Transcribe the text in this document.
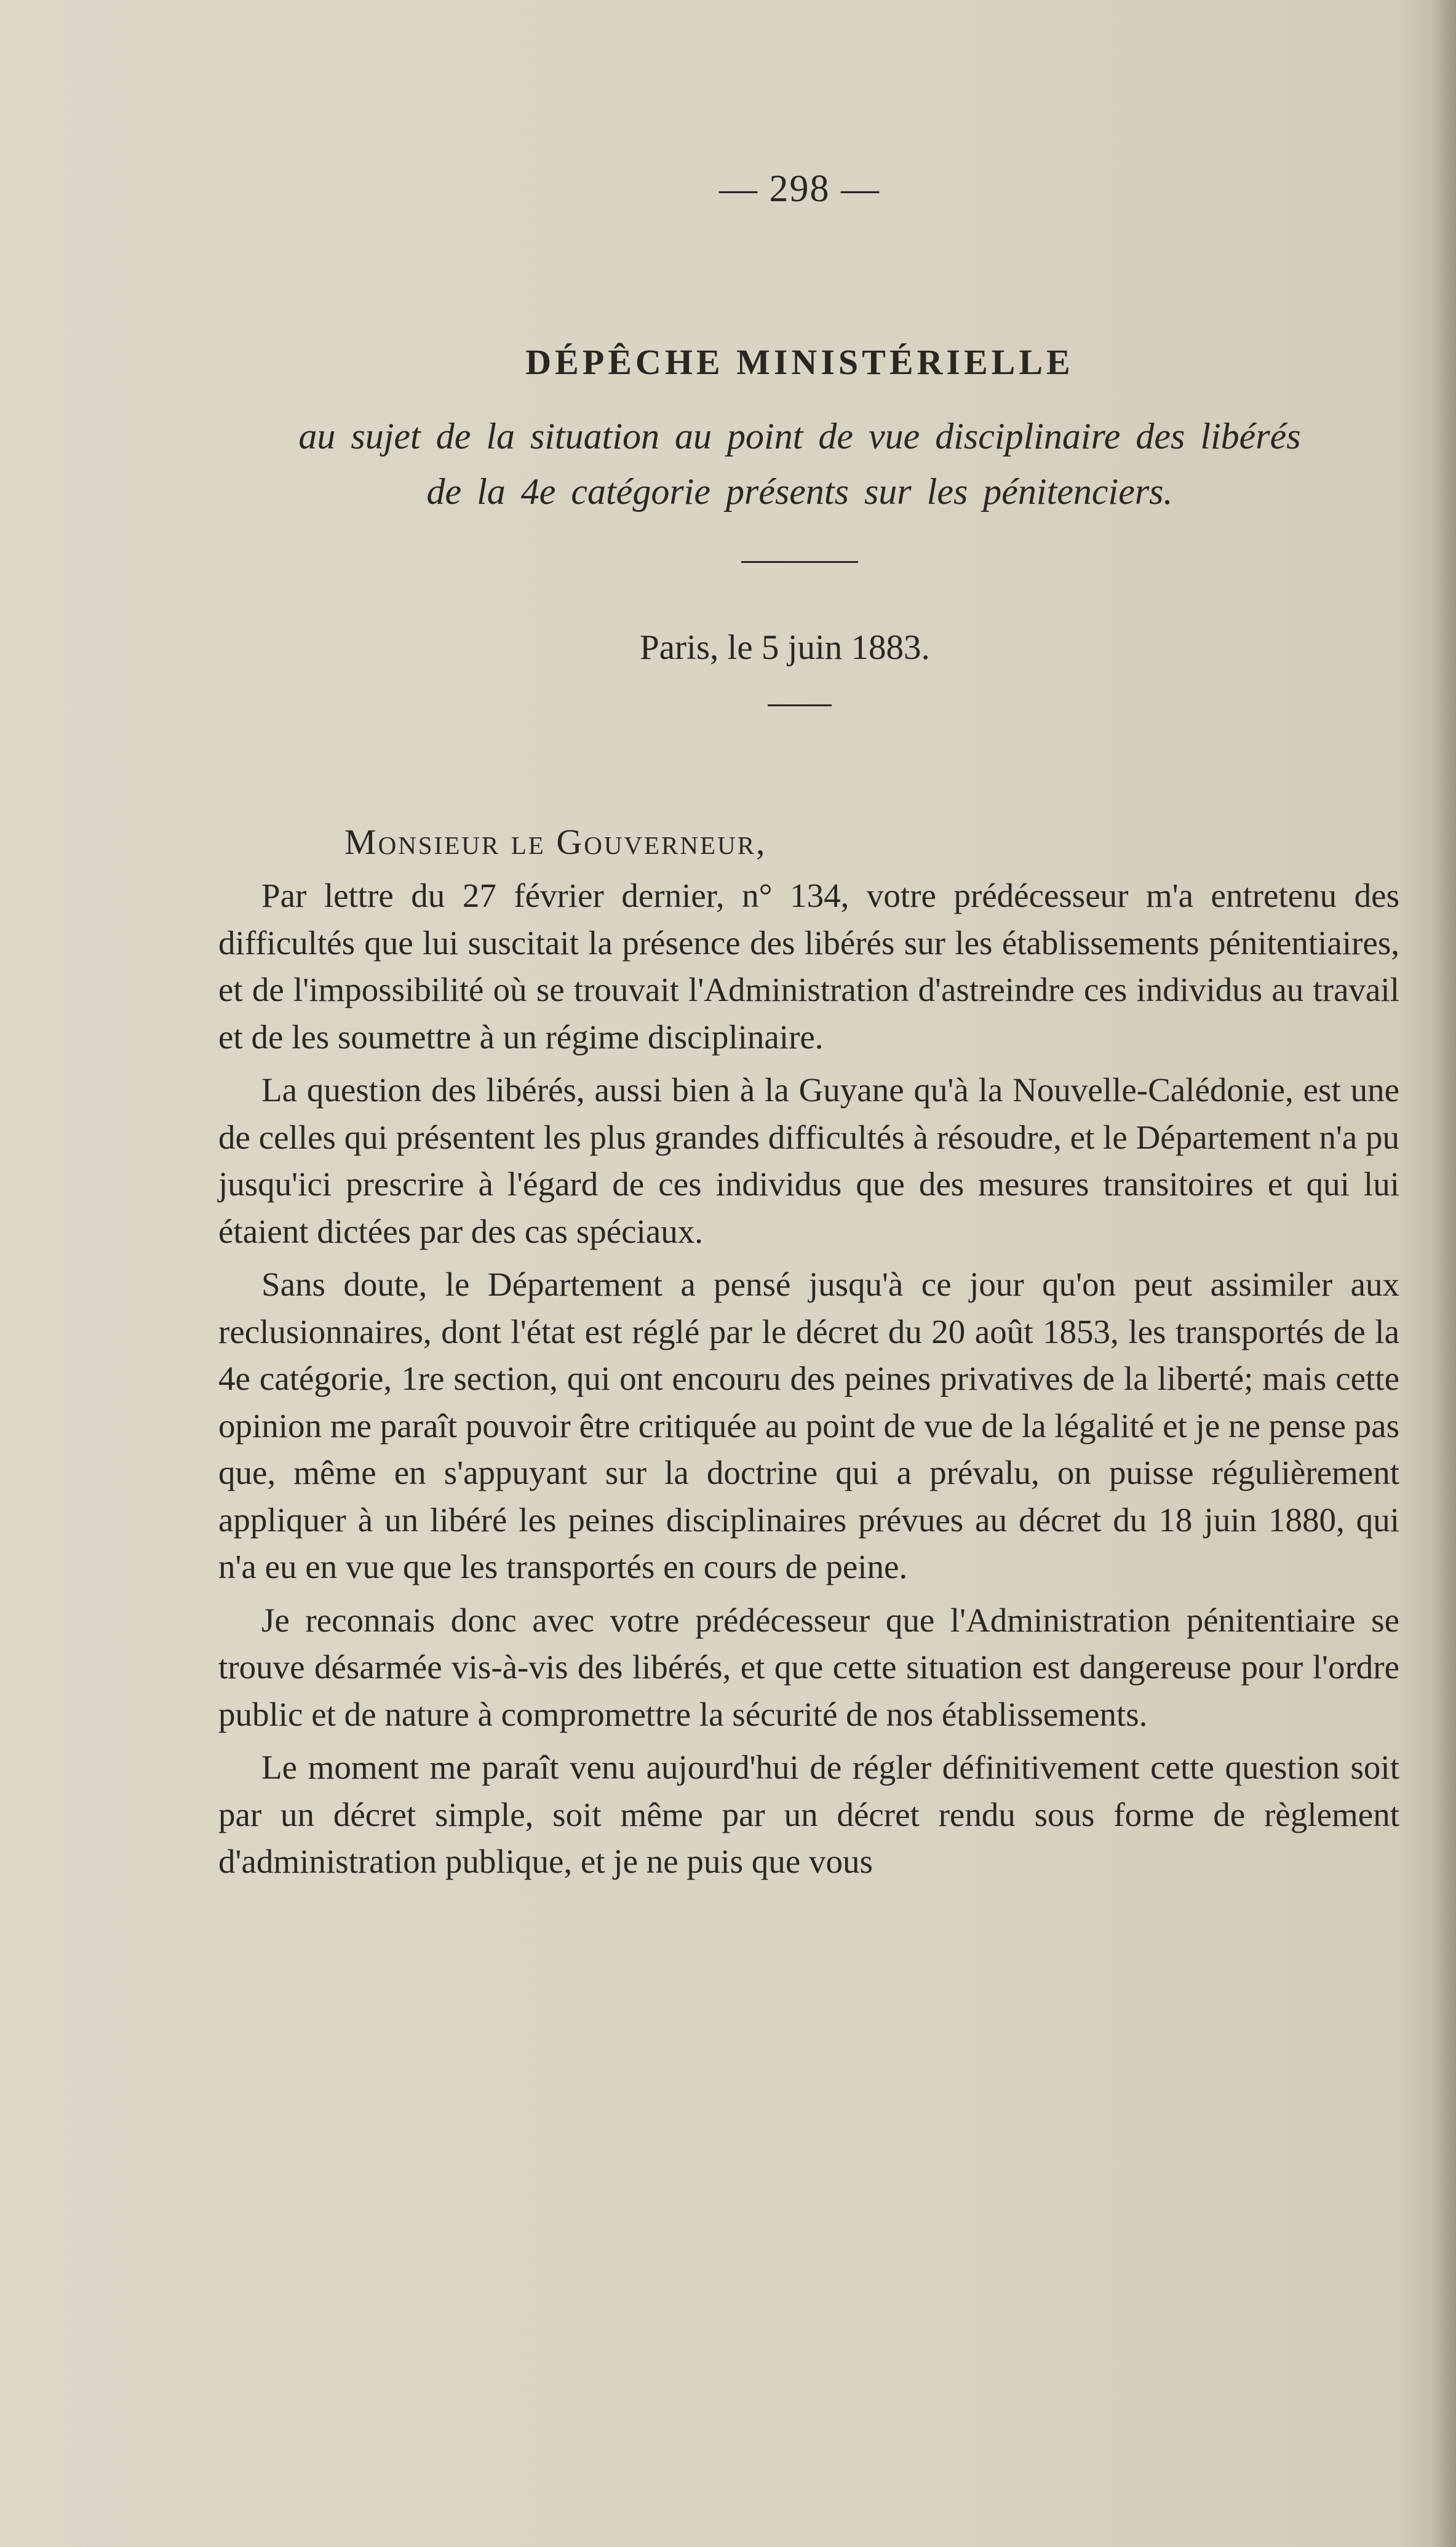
— 298 —
DÉPÊCHE MINISTÉRIELLE
au sujet de la situation au point de vue disciplinaire des libérés
de la 4e catégorie présents sur les pénitenciers.
Paris, le 5 juin 1883.
Monsieur le Gouverneur,

Par lettre du 27 février dernier, n° 134, votre prédécesseur m'a entretenu des difficultés que lui suscitait la présence des libérés sur les établissements pénitentiaires, et de l'impossibilité où se trouvait l'Administration d'astreindre ces individus au travail et de les soumettre à un régime disciplinaire.

La question des libérés, aussi bien à la Guyane qu'à la Nouvelle-Calédonie, est une de celles qui présentent les plus grandes difficultés à résoudre, et le Département n'a pu jusqu'ici prescrire à l'égard de ces individus que des mesures transitoires et qui lui étaient dictées par des cas spéciaux.

Sans doute, le Département a pensé jusqu'à ce jour qu'on peut assimiler aux reclusionnaires, dont l'état est réglé par le décret du 20 août 1853, les transportés de la 4e catégorie, 1re section, qui ont encouru des peines privatives de la liberté; mais cette opinion me paraît pouvoir être critiquée au point de vue de la légalité et je ne pense pas que, même en s'appuyant sur la doctrine qui a prévalu, on puisse régulièrement appliquer à un libéré les peines disciplinaires prévues au décret du 18 juin 1880, qui n'a eu en vue que les transportés en cours de peine.

Je reconnais donc avec votre prédécesseur que l'Administration pénitentiaire se trouve désarmée vis-à-vis des libérés, et que cette situation est dangereuse pour l'ordre public et de nature à compromettre la sécurité de nos établissements.

Le moment me paraît venu aujourd'hui de régler définitivement cette question soit par un décret simple, soit même par un décret rendu sous forme de règlement d'administration publique, et je ne puis que vous
